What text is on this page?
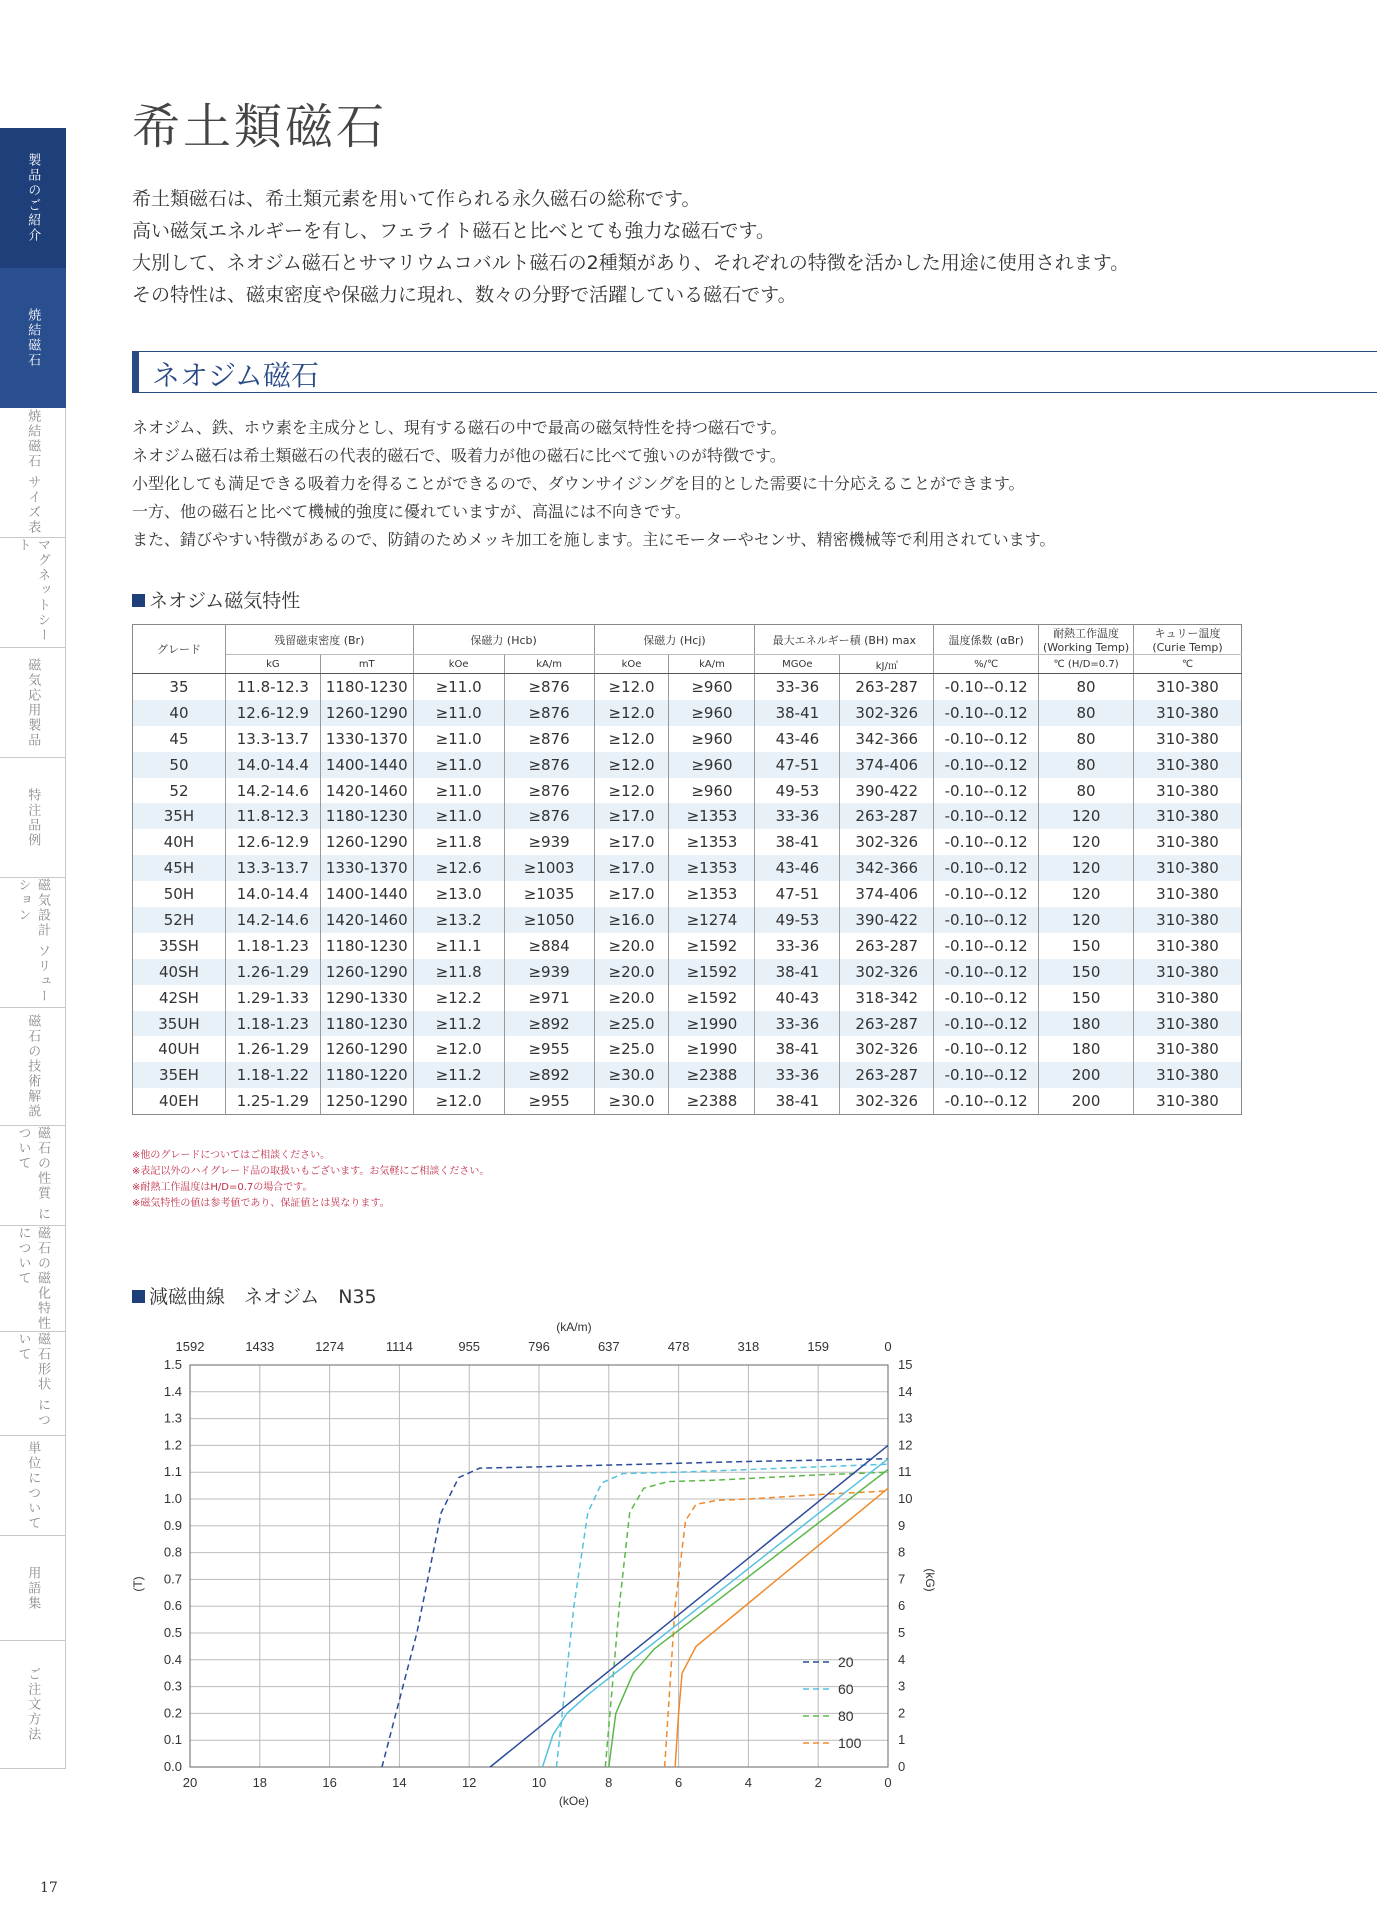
製品のご紹介
焼結磁石
焼結磁石 サイズ表
マグネットシート
磁気応用製品
特注品例
磁気設計 ソリューション
磁石の技術解説
磁石の性質 について
磁石の磁化特性 について
磁石形状 について
単位について
用語集
ご注文方法
希土類磁石

希土類磁石は、希土類元素を用いて作られる永久磁石の総称です。

高い磁気エネルギーを有し、フェライト磁石と比べとても強力な磁石です。

大別して、ネオジム磁石とサマリウムコバルト磁石の2種類があり、それぞれの特徴を活かした用途に使用されます。

その特性は、磁束密度や保磁力に現れ、数々の分野で活躍している磁石です。

ネオジム磁石

ネオジム、鉄、ホウ素を主成分とし、現有する磁石の中で最高の磁気特性を持つ磁石です。

ネオジム磁石は希土類磁石の代表的磁石で、吸着力が他の磁石に比べて強いのが特徴です。

小型化しても満足できる吸着力を得ることができるので、ダウンサイジングを目的とした需要に十分応えることができます。

一方、他の磁石と比べて機械的強度に優れていますが、高温には不向きです。

また、錆びやすい特徴があるので、防錆のためメッキ加工を施します。主にモーターやセンサ、精密機械等で利用されています。

ネオジム磁気特性
グレード	残留磁束密度 (Br)		保磁力 (Hcb)		保磁力 (Hcj)		最大エネルギー積 (BH) max		温度係数 (αBr)	耐熱工作温度
(Working Temp)	キュリー温度
(Curie Temp)
	kG	mT	kOe	kA/m	kOe	kA/m	MGOe	kJ/㎥	%/℃	℃ (H/D=0.7)	℃
35	11.8-12.3	1180-1230	≥11.0	≥876	≥12.0	≥960	33-36	263-287	-0.10--0.12	80	310-380
40	12.6-12.9	1260-1290	≥11.0	≥876	≥12.0	≥960	38-41	302-326	-0.10--0.12	80	310-380
45	13.3-13.7	1330-1370	≥11.0	≥876	≥12.0	≥960	43-46	342-366	-0.10--0.12	80	310-380
50	14.0-14.4	1400-1440	≥11.0	≥876	≥12.0	≥960	47-51	374-406	-0.10--0.12	80	310-380
52	14.2-14.6	1420-1460	≥11.0	≥876	≥12.0	≥960	49-53	390-422	-0.10--0.12	80	310-380
35H	11.8-12.3	1180-1230	≥11.0	≥876	≥17.0	≥1353	33-36	263-287	-0.10--0.12	120	310-380
40H	12.6-12.9	1260-1290	≥11.8	≥939	≥17.0	≥1353	38-41	302-326	-0.10--0.12	120	310-380
45H	13.3-13.7	1330-1370	≥12.6	≥1003	≥17.0	≥1353	43-46	342-366	-0.10--0.12	120	310-380
50H	14.0-14.4	1400-1440	≥13.0	≥1035	≥17.0	≥1353	47-51	374-406	-0.10--0.12	120	310-380
52H	14.2-14.6	1420-1460	≥13.2	≥1050	≥16.0	≥1274	49-53	390-422	-0.10--0.12	120	310-380
35SH	1.18-1.23	1180-1230	≥11.1	≥884	≥20.0	≥1592	33-36	263-287	-0.10--0.12	150	310-380
40SH	1.26-1.29	1260-1290	≥11.8	≥939	≥20.0	≥1592	38-41	302-326	-0.10--0.12	150	310-380
42SH	1.29-1.33	1290-1330	≥12.2	≥971	≥20.0	≥1592	40-43	318-342	-0.10--0.12	150	310-380
35UH	1.18-1.23	1180-1230	≥11.2	≥892	≥25.0	≥1990	33-36	263-287	-0.10--0.12	180	310-380
40UH	1.26-1.29	1260-1290	≥12.0	≥955	≥25.0	≥1990	38-41	302-326	-0.10--0.12	180	310-380
35EH	1.18-1.22	1180-1220	≥11.2	≥892	≥30.0	≥2388	33-36	263-287	-0.10--0.12	200	310-380
40EH	1.25-1.29	1250-1290	≥12.0	≥955	≥30.0	≥2388	38-41	302-326	-0.10--0.12	200	310-380

※他のグレードについてはご相談ください。

※表記以外のハイグレード品の取扱いもございます。お気軽にご相談ください。

※耐熱工作温度はH/D=0.7の場合です。

※磁気特性の値は参考値であり、保証値とは異なります。

減磁曲線　ネオジム　N35
20	18	16	14	12	10	8	6	4	2	0
1592	1433	1274	1114	955	796	637	478	318	159	0
0.0
0.1
0.2
0.3
0.4
0.5
0.6
0.7
0.8
0.9
1.0
1.1
1.2
1.3
1.4
1.5
0
1
2
3
4
5
6
7
8
9
10
11
12
13
14
15
(kOe)
(kA/m)
(T)	(kG)
20
60
80
100
17
